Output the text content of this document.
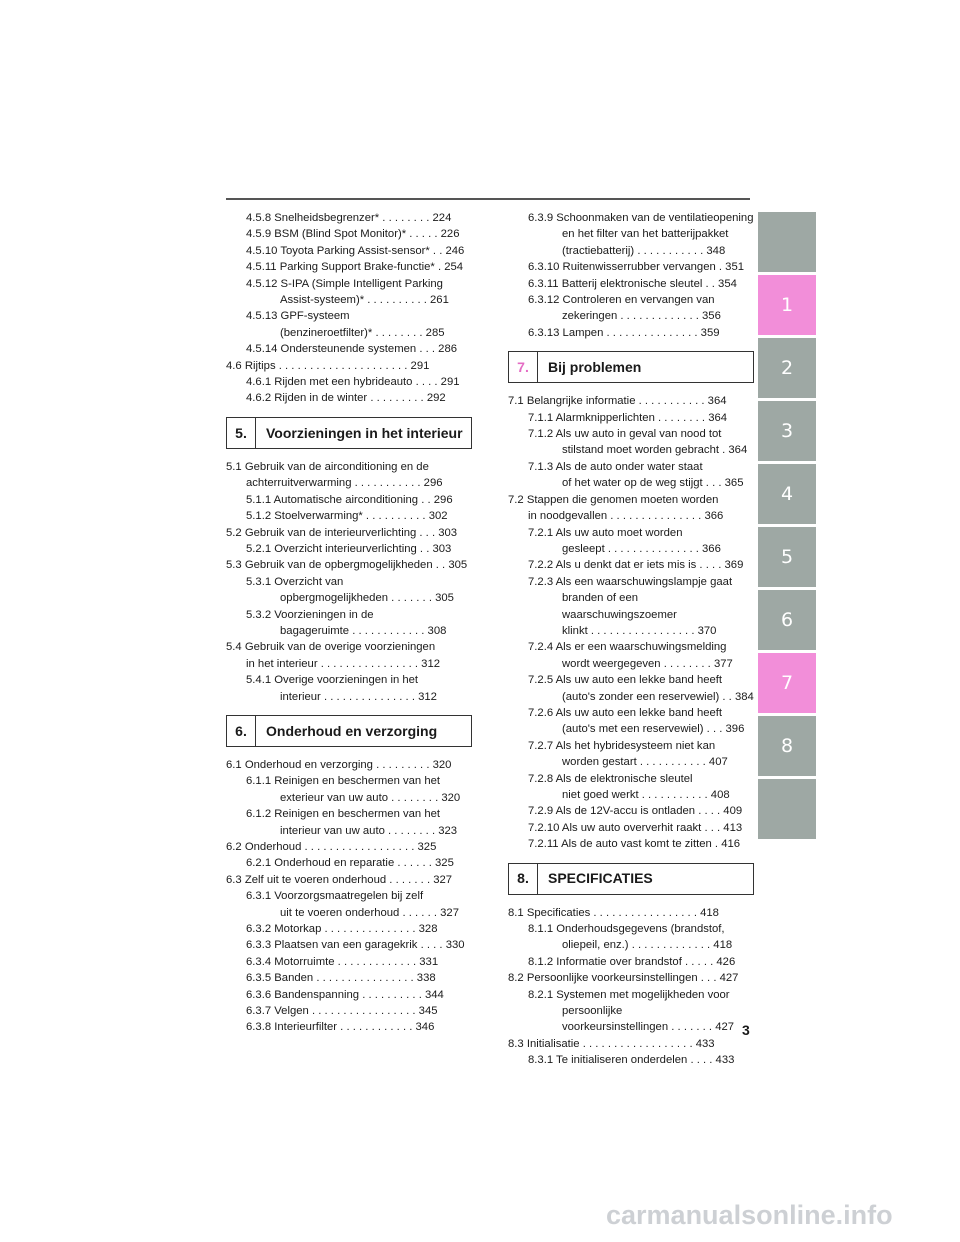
4.5.8 Snelheidsbegrenzer* . . . . . . . . 224
4.5.9 BSM (Blind Spot Monitor)* . . . . . 226
4.5.10 Toyota Parking Assist-sensor* . . 246
4.5.11 Parking Support Brake-functie* . 254
4.5.12 S-IPA (Simple Intelligent Parking
Assist-systeem)* . . . . . . . . . . 261
4.5.13 GPF-systeem
(benzineroetfilter)* . . . . . . . . 285
4.5.14 Ondersteunende systemen . . . 286
4.6 Rijtips . . . . . . . . . . . . . . . . . . . . . 291
4.6.1 Rijden met een hybrideauto . . . . 291
4.6.2 Rijden in de winter . . . . . . . . . 292
5.	Voorzieningen in het interieur
5.1 Gebruik van de airconditioning en de
achterruitverwarming . . . . . . . . . . . 296
5.1.1 Automatische airconditioning . . 296
5.1.2 Stoelverwarming* . . . . . . . . . . 302
5.2 Gebruik van de interieurverlichting . . . 303
5.2.1 Overzicht interieurverlichting . . 303
5.3 Gebruik van de opbergmogelijkheden . . 305
5.3.1 Overzicht van
opbergmogelijkheden . . . . . . . 305
5.3.2 Voorzieningen in de
bagageruimte . . . . . . . . . . . . 308
5.4 Gebruik van de overige voorzieningen
in het interieur . . . . . . . . . . . . . . . . 312
5.4.1 Overige voorzieningen in het
interieur . . . . . . . . . . . . . . . 312
6.	Onderhoud en verzorging
6.1 Onderhoud en verzorging . . . . . . . . . 320
6.1.1 Reinigen en beschermen van het
exterieur van uw auto . . . . . . . . 320
6.1.2 Reinigen en beschermen van het
interieur van uw auto . . . . . . . . 323
6.2 Onderhoud . . . . . . . . . . . . . . . . . . 325
6.2.1 Onderhoud en reparatie . . . . . . 325
6.3 Zelf uit te voeren onderhoud . . . . . . . 327
6.3.1 Voorzorgsmaatregelen bij zelf
uit te voeren onderhoud . . . . . . 327
6.3.2 Motorkap . . . . . . . . . . . . . . . 328
6.3.3 Plaatsen van een garagekrik . . . . 330
6.3.4 Motorruimte . . . . . . . . . . . . . 331
6.3.5 Banden . . . . . . . . . . . . . . . . 338
6.3.6 Bandenspanning . . . . . . . . . . 344
6.3.7 Velgen . . . . . . . . . . . . . . . . . 345
6.3.8 Interieurfilter . . . . . . . . . . . . 346
6.3.9 Schoonmaken van de ventilatieopening
en het filter van het batterijpakket
(tractiebatterij) . . . . . . . . . . . 348
6.3.10 Ruitenwisserrubber vervangen . 351
6.3.11 Batterij elektronische sleutel . . 354
6.3.12 Controleren en vervangen van
zekeringen . . . . . . . . . . . . . 356
6.3.13 Lampen . . . . . . . . . . . . . . . 359
7.	Bij problemen
7.1 Belangrijke informatie . . . . . . . . . . . 364
7.1.1 Alarmknipperlichten . . . . . . . . 364
7.1.2 Als uw auto in geval van nood tot
stilstand moet worden gebracht . 364
7.1.3 Als de auto onder water staat
of het water op de weg stijgt . . . 365
7.2 Stappen die genomen moeten worden
in noodgevallen . . . . . . . . . . . . . . . 366
7.2.1 Als uw auto moet worden
gesleept . . . . . . . . . . . . . . . 366
7.2.2 Als u denkt dat er iets mis is . . . . 369
7.2.3 Als een waarschuwingslampje gaat
branden of een waarschuwingszoemer
klinkt . . . . . . . . . . . . . . . . . 370
7.2.4 Als er een waarschuwingsmelding
wordt weergegeven . . . . . . . . 377
7.2.5 Als uw auto een lekke band heeft
(auto's zonder een reservewiel) . . 384
7.2.6 Als uw auto een lekke band heeft
(auto's met een reservewiel) . . . 396
7.2.7 Als het hybridesysteem niet kan
worden gestart . . . . . . . . . . . 407
7.2.8 Als de elektronische sleutel
niet goed werkt . . . . . . . . . . . 408
7.2.9 Als de 12V-accu is ontladen . . . . 409
7.2.10 Als uw auto oververhit raakt . . . 413
7.2.11 Als de auto vast komt te zitten . 416
8.	SPECIFICATIES
8.1 Specificaties . . . . . . . . . . . . . . . . . 418
8.1.1 Onderhoudsgegevens (brandstof,
oliepeil, enz.) . . . . . . . . . . . . . 418
8.1.2 Informatie over brandstof . . . . . 426
8.2 Persoonlijke voorkeursinstellingen . . . 427
8.2.1 Systemen met mogelijkheden voor
persoonlijke
voorkeursinstellingen . . . . . . . 427
8.3 Initialisatie . . . . . . . . . . . . . . . . . . 433
8.3.1 Te initialiseren onderdelen . . . . 433
1
2
3
4
5
6
7
8
3
carmanualsonline.info
